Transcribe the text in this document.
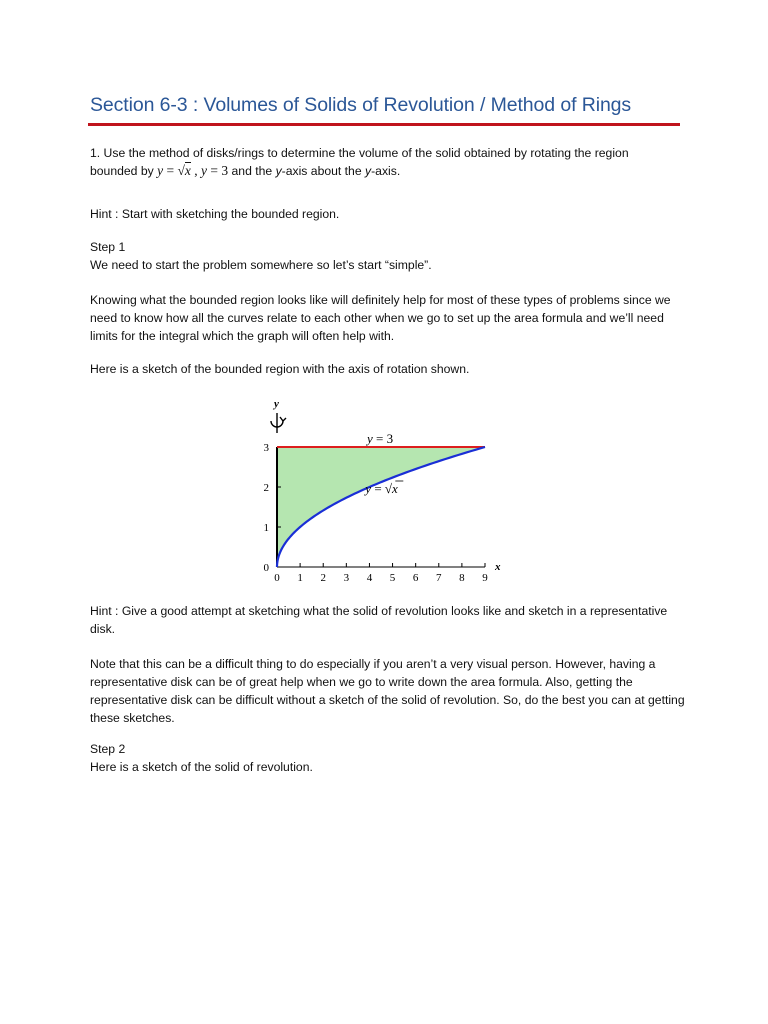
Section 6-3 : Volumes of Solids of Revolution / Method of Rings

1. Use the method of disks/rings to determine the volume of the solid obtained by rotating the region
bounded by y = √x , y = 3 and the y-axis about the y-axis.

Hint : Start with sketching the bounded region.

Step 1

We need to start the problem somewhere so let’s start “simple”.

Knowing what the bounded region looks like will definitely help for most of these types of problems since we need to know how all the curves relate to each other when we go to set up the area formula and we’ll need limits for the integral which the graph will often help with.

Here is a sketch of the bounded region with the axis of rotation shown.

0 1 2 3 4 5 6 7 8 9
0
1
2
3
x
y
y = 3
y = √x

Hint : Give a good attempt at sketching what the solid of revolution looks like and sketch in a representative disk.

Note that this can be a difficult thing to do especially if you aren’t a very visual person. However, having a representative disk can be of great help when we go to write down the area formula. Also, getting the representative disk can be difficult without a sketch of the solid of revolution. So, do the best you can at getting these sketches.

Step 2

Here is a sketch of the solid of revolution.
